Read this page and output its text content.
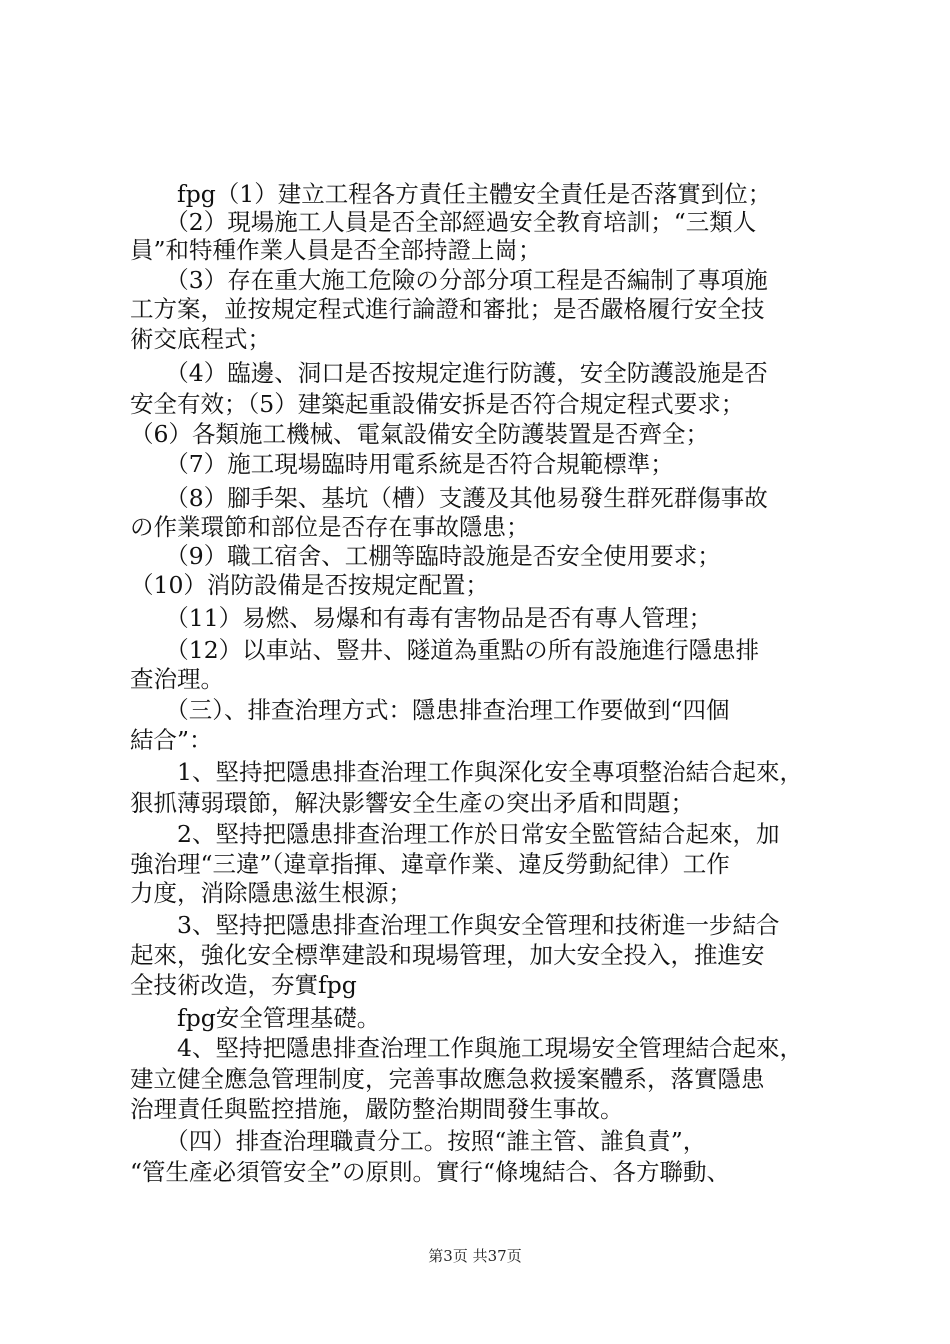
　　fpg（1）建立工程各方責任主體安全責任是否落實到位；
　　（2）現場施工人員是否全部經過安全教育培訓；“三類人
員”和特種作業人員是否全部持證上崗；
　　（3）存在重大施工危險の分部分項工程是否編制了專項施
工方案，並按規定程式進行論證和審批；是否嚴格履行安全技
術交底程式；
　　（4）臨邊、洞口是否按規定進行防護，安全防護設施是否
安全有效；（5）建築起重設備安拆是否符合規定程式要求；
（6）各類施工機械、電氣設備安全防護裝置是否齊全；
　　（7）施工現場臨時用電系統是否符合規範標準；
　　（8）腳手架、基坑（槽）支護及其他易發生群死群傷事故
の作業環節和部位是否存在事故隱患；
　　（9）職工宿舍、工棚等臨時設施是否安全使用要求；
（10）消防設備是否按規定配置；
　　（11）易燃、易爆和有毒有害物品是否有專人管理；
　　（12）以車站、豎井、隧道為重點の所有設施進行隱患排
查治理。
　　（三）、排查治理方式：隱患排查治理工作要做到“四個
結合”：
　　1、堅持把隱患排查治理工作與深化安全專項整治結合起來，
狠抓薄弱環節，解決影響安全生產の突出矛盾和問題；
　　2、堅持把隱患排查治理工作於日常安全監管結合起來，加
強治理“三違”（違章指揮、違章作業、違反勞動紀律）工作
力度，消除隱患滋生根源；
　　3、堅持把隱患排查治理工作與安全管理和技術進一步結合
起來，強化安全標準建設和現場管理，加大安全投入，推進安
全技術改造，夯實fpg
　　fpg安全管理基礎。
　　4、堅持把隱患排查治理工作與施工現場安全管理結合起來，
建立健全應急管理制度，完善事故應急救援案體系，落實隱患
治理責任與監控措施，嚴防整治期間發生事故。
　　（四）排查治理職責分工。按照“誰主管、誰負責”，
“管生產必須管安全”の原則。實行“條塊結合、各方聯動、
第3页 共37页
